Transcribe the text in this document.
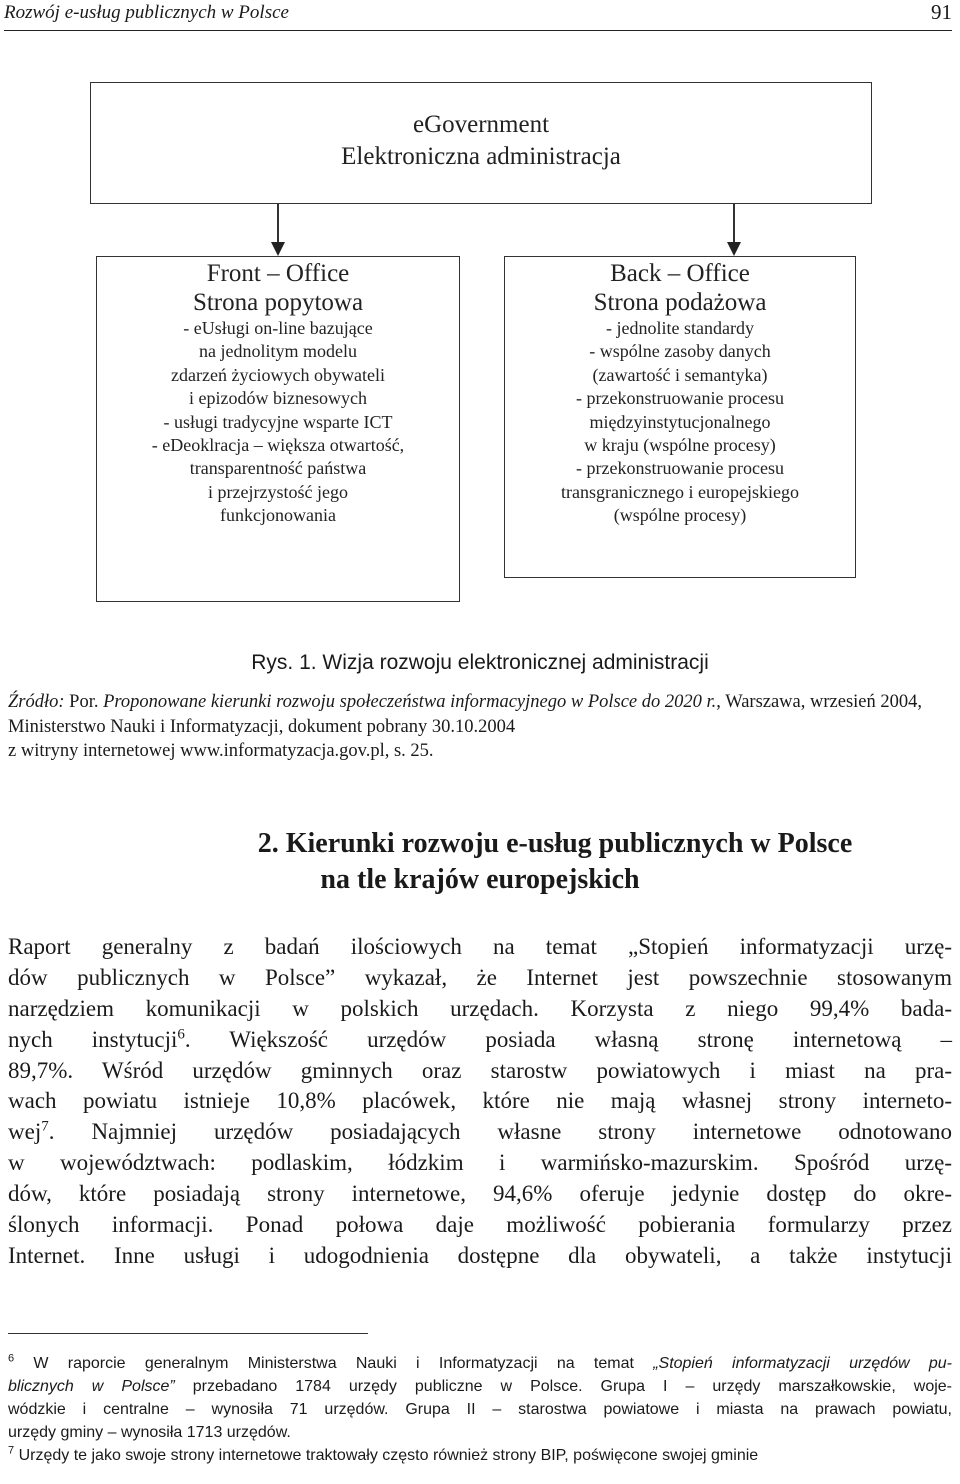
Rozwój e-usług publicznych w Polsce	91
eGovernment
Elektroniczna administracja
Front – Office
Strona popytowa
- eUsługi on-line bazujące
na jednolitym modelu
zdarzeń życiowych obywateli
i epizodów biznesowych
- usługi tradycyjne wsparte ICT
- eDeoklracja – większa otwartość,
transparentność państwa
i przejrzystość jego
funkcjonowania
Back – Office
Strona podażowa
- jednolite standardy
- wspólne zasoby danych
(zawartość i semantyka)
- przekonstruowanie procesu
międzyinstytucjonalnego
w kraju (wspólne procesy)
- przekonstruowanie procesu
transgranicznego i europejskiego
(wspólne procesy)
Rys. 1. Wizja rozwoju elektronicznej administracji
Źródło: Por. Proponowane kierunki rozwoju społeczeństwa informacyjnego w Polsce do 2020 r., Warszawa, wrzesień 2004, Ministerstwo Nauki i Informatyzacji, dokument pobrany 30.10.2004
z witryny internetowej www.informatyzacja.gov.pl, s. 25.
2. Kierunki rozwoju e-usług publicznych w Polsce
na tle krajów europejskich
Raport generalny z badań ilościowych na temat „Stopień informatyzacji urzę-
dów publicznych w Polsce” wykazał, że Internet jest powszechnie stosowanym
narzędziem komunikacji w polskich urzędach. Korzysta z niego 99,4% bada-
nych instytucji$^6$. Większość urzędów posiada własną stronę internetową –
89,7%. Wśród urzędów gminnych oraz starostw powiatowych i miast na pra-
wach powiatu istnieje 10,8% placówek, które nie mają własnej strony interneto-
wej$^7$. Najmniej urzędów posiadających własne strony internetowe odnotowano
w województwach: podlaskim, łódzkim i warmińsko-mazurskim. Spośród urzę-
dów, które posiadają strony internetowe, 94,6% oferuje jedynie dostęp do okre-
ślonych informacji. Ponad połowa daje możliwość pobierania formularzy przez
Internet. Inne usługi i udogodnienia dostępne dla obywateli, a także instytucji
$^6$ W raporcie generalnym Ministerstwa Nauki i Informatyzacji na temat „Stopień informatyzacji urzędów pu-
blicznych w Polsce” przebadano 1784 urzędy publiczne w Polsce. Grupa I – urzędy marszałkowskie, woje-
wódzkie i centralne – wynosiła 71 urzędów. Grupa II – starostwa powiatowe i miasta na prawach powiatu,
urzędy gminy – wynosiła 1713 urzędów.
$^7$ Urzędy te jako swoje strony internetowe traktowały często również strony BIP, poświęcone swojej gminie
